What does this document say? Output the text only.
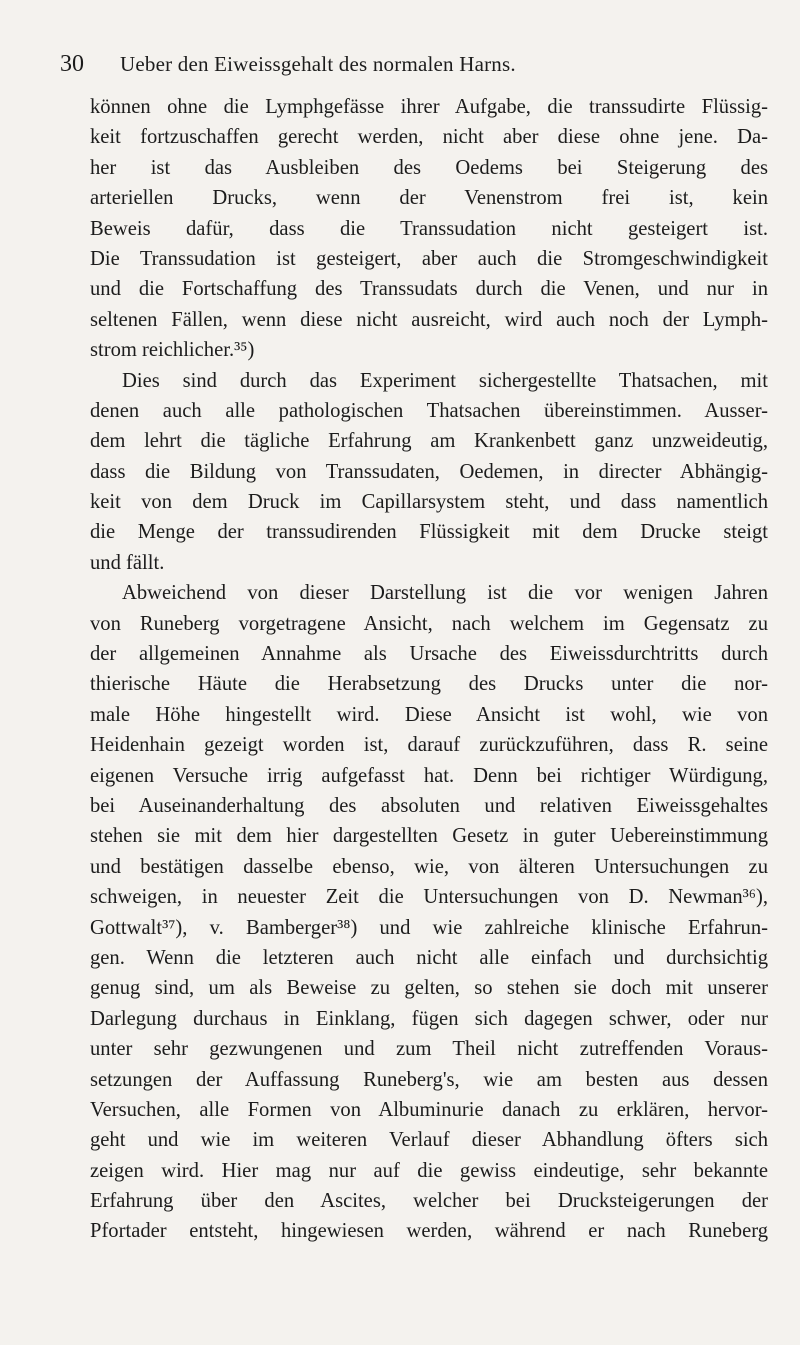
30 Ueber den Eiweissgehalt des normalen Harns.
können ohne die Lymphgefässe ihrer Aufgabe, die transsudirte Flüssig-
keit fortzuschaffen gerecht werden, nicht aber diese ohne jene. Da-
her ist das Ausbleiben des Oedems bei Steigerung des
arteriellen Drucks, wenn der Venenstrom frei ist, kein
Beweis dafür, dass die Transsudation nicht gesteigert ist.
Die Transsudation ist gesteigert, aber auch die Stromgeschwindigkeit
und die Fortschaffung des Transsudats durch die Venen, und nur in
seltenen Fällen, wenn diese nicht ausreicht, wird auch noch der Lymph-
strom reichlicher.³⁵)
Dies sind durch das Experiment sichergestellte Thatsachen, mit
denen auch alle pathologischen Thatsachen übereinstimmen. Ausser-
dem lehrt die tägliche Erfahrung am Krankenbett ganz unzweideutig,
dass die Bildung von Transsudaten, Oedemen, in directer Abhängig-
keit von dem Druck im Capillarsystem steht, und dass namentlich
die Menge der transsudirenden Flüssigkeit mit dem Drucke steigt
und fällt.
Abweichend von dieser Darstellung ist die vor wenigen Jahren
von Runeberg vorgetragene Ansicht, nach welchem im Gegensatz zu
der allgemeinen Annahme als Ursache des Eiweissdurchtritts durch
thierische Häute die Herabsetzung des Drucks unter die nor-
male Höhe hingestellt wird. Diese Ansicht ist wohl, wie von
Heidenhain gezeigt worden ist, darauf zurückzuführen, dass R. seine
eigenen Versuche irrig aufgefasst hat. Denn bei richtiger Würdigung,
bei Auseinanderhaltung des absoluten und relativen Eiweissgehaltes
stehen sie mit dem hier dargestellten Gesetz in guter Uebereinstimmung
und bestätigen dasselbe ebenso, wie, von älteren Untersuchungen zu
schweigen, in neuester Zeit die Untersuchungen von D. Newman³⁶),
Gottwalt³⁷), v. Bamberger³⁸) und wie zahlreiche klinische Erfahrun-
gen. Wenn die letzteren auch nicht alle einfach und durchsichtig
genug sind, um als Beweise zu gelten, so stehen sie doch mit unserer
Darlegung durchaus in Einklang, fügen sich dagegen schwer, oder nur
unter sehr gezwungenen und zum Theil nicht zutreffenden Voraus-
setzungen der Auffassung Runeberg's, wie am besten aus dessen
Versuchen, alle Formen von Albuminurie danach zu erklären, hervor-
geht und wie im weiteren Verlauf dieser Abhandlung öfters sich
zeigen wird. Hier mag nur auf die gewiss eindeutige, sehr bekannte
Erfahrung über den Ascites, welcher bei Drucksteigerungen der
Pfortader entsteht, hingewiesen werden, während er nach Runeberg
